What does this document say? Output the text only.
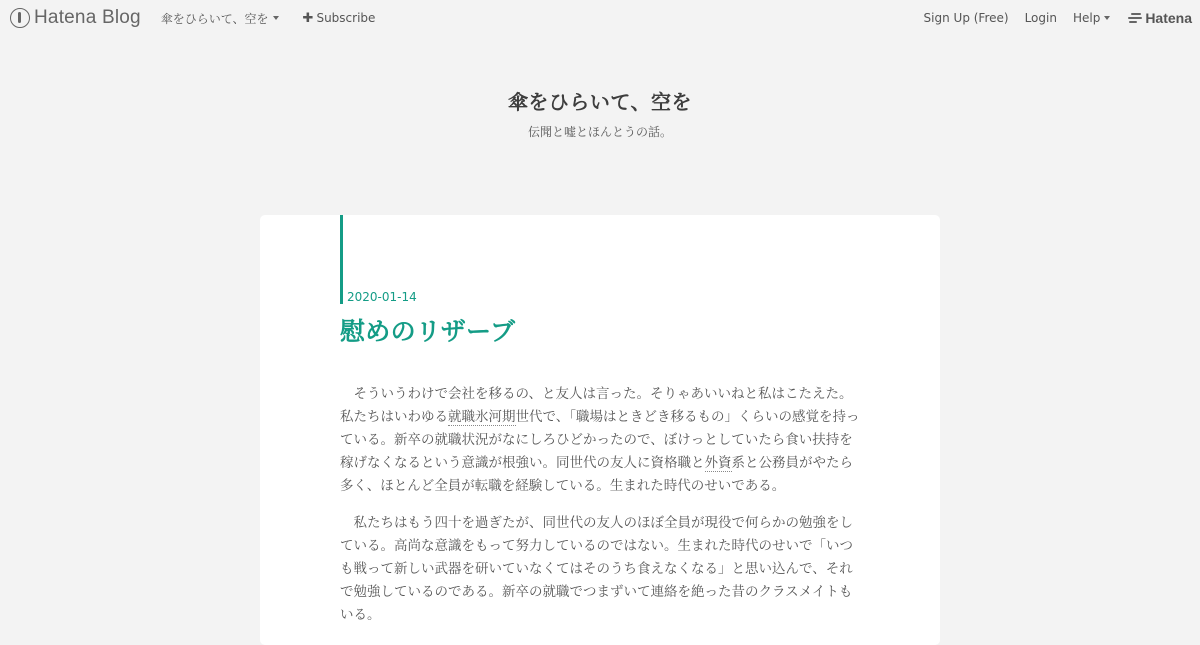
Hatena Blog 傘をひらいて、空を	✚ Subscribe	Sign Up (Free) Login Help	Hatena
傘をひらいて、空を
伝聞と嘘とほんとうの話。
2020-01-14
慰めのリザーブ

そういうわけで会社を移るの、と友人は言った。そりゃあいいねと私はこたえた。私たちはいわゆる就職氷河期世代で、「職場はときどき移るもの」くらいの感覚を持っている。新卒の就職状況がなにしろひどかったので、ぼけっとしていたら食い扶持を稼げなくなるという意識が根強い。同世代の友人に資格職と外資系と公務員がやたら多く、ほとんど全員が転職を経験している。生まれた時代のせいである。

私たちはもう四十を過ぎたが、同世代の友人のほぼ全員が現役で何らかの勉強をしている。高尚な意識をもって努力しているのではない。生まれた時代のせいで「いつも戦って新しい武器を研いていなくてはそのうち食えなくなる」と思い込んで、それで勉強しているのである。新卒の就職でつまずいて連絡を絶った昔のクラスメイトもいる。
